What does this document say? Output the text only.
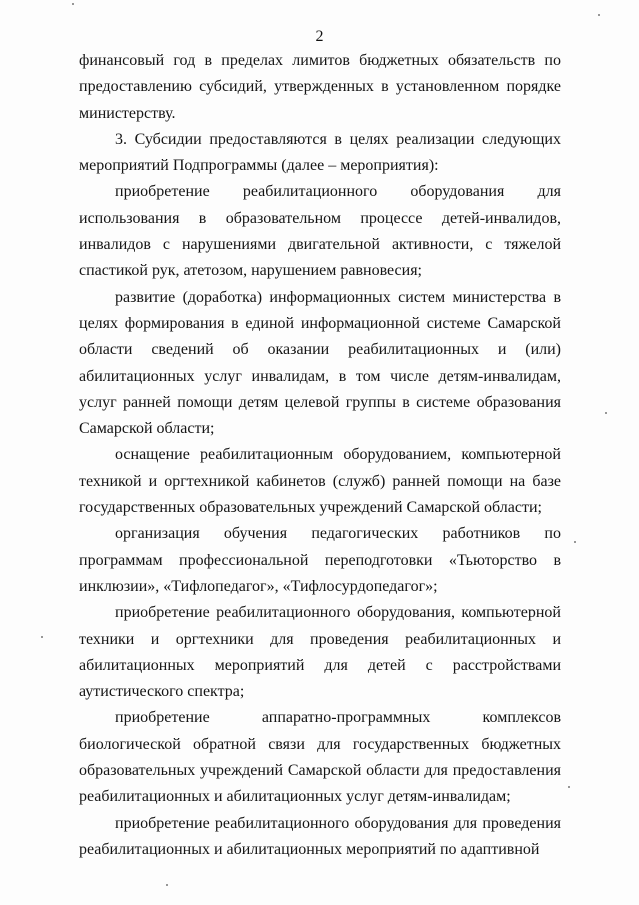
2

финансовый год в пределах лимитов бюджетных обязательств по предоставлению субсидий, утвержденных в установленном порядке министерству.

3. Субсидии предоставляются в целях реализации следующих мероприятий Подпрограммы (далее – мероприятия):

приобретение реабилитационного оборудования для использования в образовательном процессе детей-инвалидов, инвалидов с нарушениями двигательной активности, с тяжелой спастикой рук, атетозом, нарушением равновесия;

развитие (доработка) информационных систем министерства в целях формирования в единой информационной системе Самарской области сведений об оказании реабилитационных и (или) абилитационных услуг инвалидам, в том числе детям-инвалидам, услуг ранней помощи детям целевой группы в системе образования Самарской области;

оснащение реабилитационным оборудованием, компьютерной техникой и оргтехникой кабинетов (служб) ранней помощи на базе государственных образовательных учреждений Самарской области;

организация обучения педагогических работников по программам профессиональной переподготовки «Тьюторство в инклюзии», «Тифлопедагог», «Тифлосурдопедагог»;

приобретение реабилитационного оборудования, компьютерной техники и оргтехники для проведения реабилитационных и абилитационных мероприятий для детей с расстройствами аутистического спектра;

приобретение аппаратно-программных комплексов биологической обратной связи для государственных бюджетных образовательных учреждений Самарской области для предоставления реабилитационных и абилитационных услуг детям-инвалидам;

приобретение реабилитационного оборудования для проведения реабилитационных и абилитационных мероприятий по адаптивной
